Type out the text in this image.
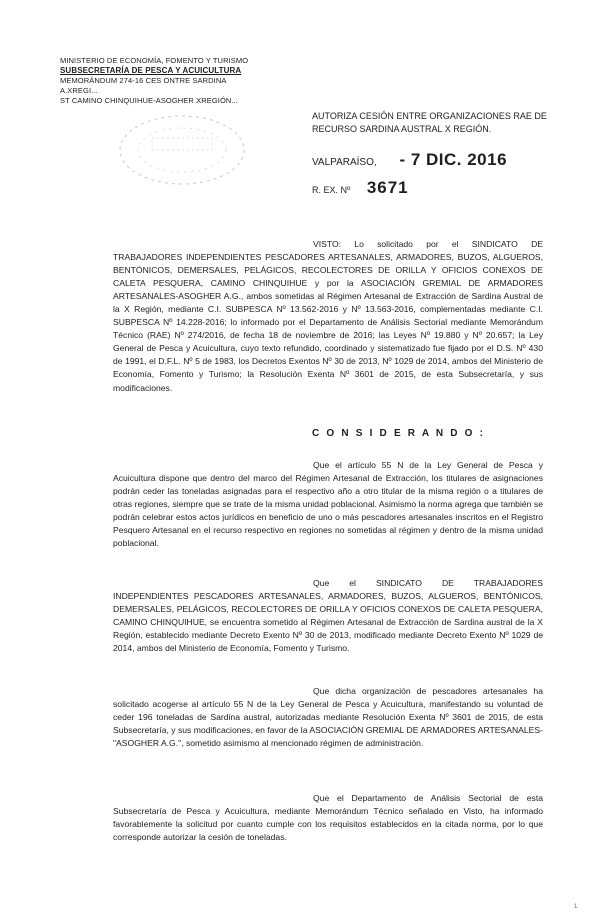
MINISTERIO DE ECONOMÍA, FOMENTO Y TURISMO
SUBSECRETARÍA DE PESCA Y ACUICULTURA
MEMORÁNDUM 274-16 CES ONTRE SARDINA A.XREGI...
ST CAMINO CHINQUIHUE-ASOGHER XREGIÓN...
AUTORIZA CESIÓN ENTRE ORGANIZACIONES RAE DE RECURSO SARDINA AUSTRAL X REGIÓN.
VALPARAÍSO, - 7 DIC. 2016
R. EX. Nº 3671
VISTO: Lo solicitado por el SINDICATO DE TRABAJADORES INDEPENDIENTES PESCADORES ARTESANALES, ARMADORES, BUZOS, ALGUEROS, BENTÓNICOS, DEMERSALES, PELÁGICOS, RECOLECTORES DE ORILLA Y OFICIOS CONEXOS DE CALETA PESQUERA, CAMINO CHINQUIHUE y por la ASOCIACIÓN GREMIAL DE ARMADORES ARTESANALES-ASOGHER A.G., ambos sometidas al Régimen Artesanal de Extracción de Sardina Austral de la X Región, mediante C.I. SUBPESCA Nº 13.562-2016 y Nº 13.563-2016, complementadas mediante C.I. SUBPESCA Nº 14.228-2016; lo informado por el Departamento de Análisis Sectorial mediante Memorándum Técnico (RAE) Nº 274/2016, de fecha 18 de noviembre de 2016; las Leyes Nº 19.880 y Nº 20.657; la Ley General de Pesca y Acuicultura, cuyo texto refundido, coordinado y sistematizado fue fijado por el D.S. Nº 430 de 1991, el D.F.L. Nº 5 de 1983, los Decretos Exentos Nº 30 de 2013, Nº 1029 de 2014, ambos del Ministerio de Economía, Fomento y Turismo; la Resolución Exenta Nº 3601 de 2015, de esta Subsecretaría, y sus modificaciones.
C O N S I D E R A N D O :
Que el artículo 55 N de la Ley General de Pesca y Acuicultura dispone que dentro del marco del Régimen Artesanal de Extracción, los titulares de asignaciones podrán ceder las toneladas asignadas para el respectivo año a otro titular de la misma región o a titulares de otras regiones, siempre que se trate de la misma unidad poblacional. Asimismo la norma agrega que también se podrán celebrar estos actos jurídicos en beneficio de uno o más pescadores artesanales inscritos en el Registro Pesquero Artesanal en el recurso respectivo en regiones no sometidas al régimen y dentro de la misma unidad poblacional.
Que el SINDICATO DE TRABAJADORES INDEPENDIENTES PESCADORES ARTESANALES, ARMADORES, BUZOS, ALGUEROS, BENTÓNICOS, DEMERSALES, PELÁGICOS, RECOLECTORES DE ORILLA Y OFICIOS CONEXOS DE CALETA PESQUERA, CAMINO CHINQUIHUE, se encuentra sometido al Régimen Artesanal de Extracción de Sardina austral de la X Región, establecido mediante Decreto Exento Nº 30 de 2013, modificado mediante Decreto Exento Nº 1029 de 2014, ambos del Ministerio de Economía, Fomento y Turismo.
Que dicha organización de pescadores artesanales ha solicitado acogerse al artículo 55 N de la Ley General de Pesca y Acuicultura, manifestando su voluntad de ceder 196 toneladas de Sardina austral, autorizadas mediante Resolución Exenta Nº 3601 de 2015, de esta Subsecretaría, y sus modificaciones, en favor de la ASOCIACIÓN GREMIAL DE ARMADORES ARTESANALES-"ASOGHER A.G.", sometido asimismo al mencionado régimen de administración.
Que el Departamento de Análisis Sectorial de esta Subsecretaría de Pesca y Acuicultura, mediante Memorándum Técnico señalado en Visto, ha informado favorablemente la solicitud por cuanto cumple con los requisitos establecidos en la citada norma, por lo que corresponde autorizar la cesión de toneladas.
1
